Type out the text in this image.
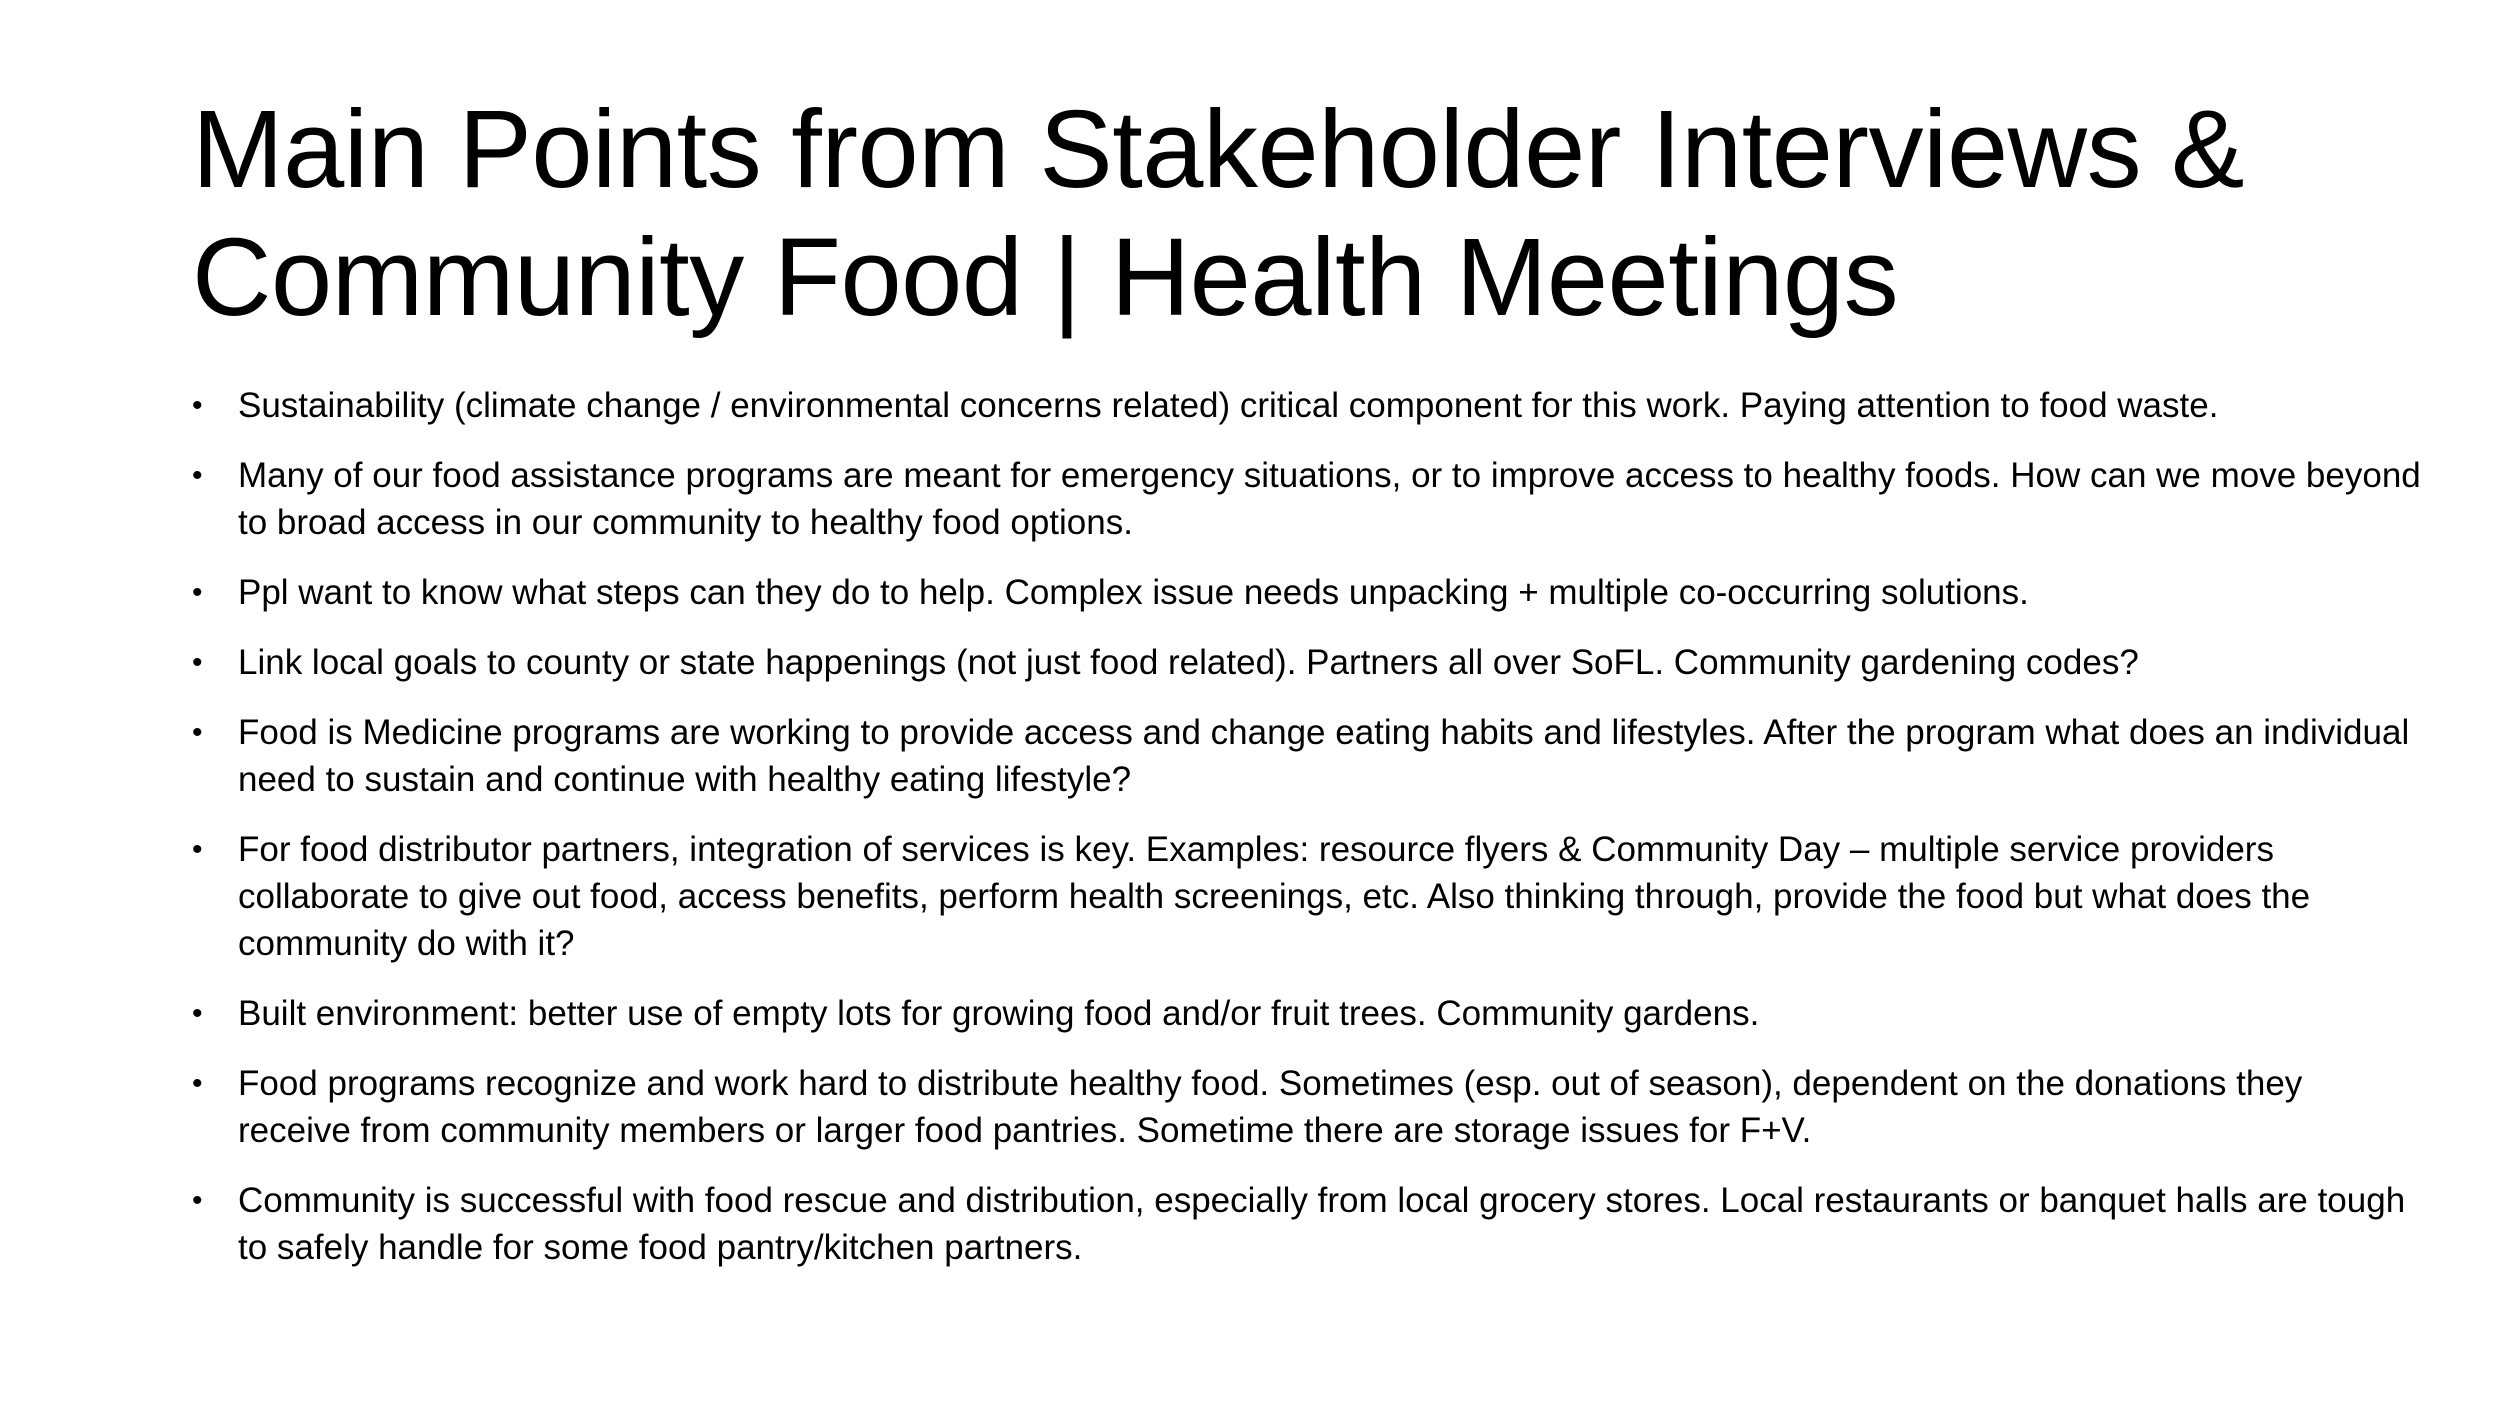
Main Points from Stakeholder Interviews & Community Food | Health Meetings
•	Sustainability (climate change / environmental concerns related) critical component for this work. Paying attention to food waste.
•	Many of our food assistance programs are meant for emergency situations, or to improve access to healthy foods. How can we move beyond to broad access in our community to healthy food options.
•	Ppl want to know what steps can they do to help. Complex issue needs unpacking + multiple co-occurring solutions.
•	Link local goals to county or state happenings (not just food related). Partners all over SoFL. Community gardening codes?
•	Food is Medicine programs are working to provide access and change eating habits and lifestyles. After the program what does an individual need to sustain and continue with healthy eating lifestyle?
•	For food distributor partners, integration of services is key. Examples: resource flyers & Community Day – multiple service providers collaborate to give out food, access benefits, perform health screenings, etc. Also thinking through, provide the food but what does the community do with it?
•	Built environment: better use of empty lots for growing food and/or fruit trees. Community gardens.
•	Food programs recognize and work hard to distribute healthy food. Sometimes (esp. out of season), dependent on the donations they receive from community members or larger food pantries. Sometime there are storage issues for F+V.
•	Community is successful with food rescue and distribution, especially from local grocery stores. Local restaurants or banquet halls are tough to safely handle for some food pantry/kitchen partners.
